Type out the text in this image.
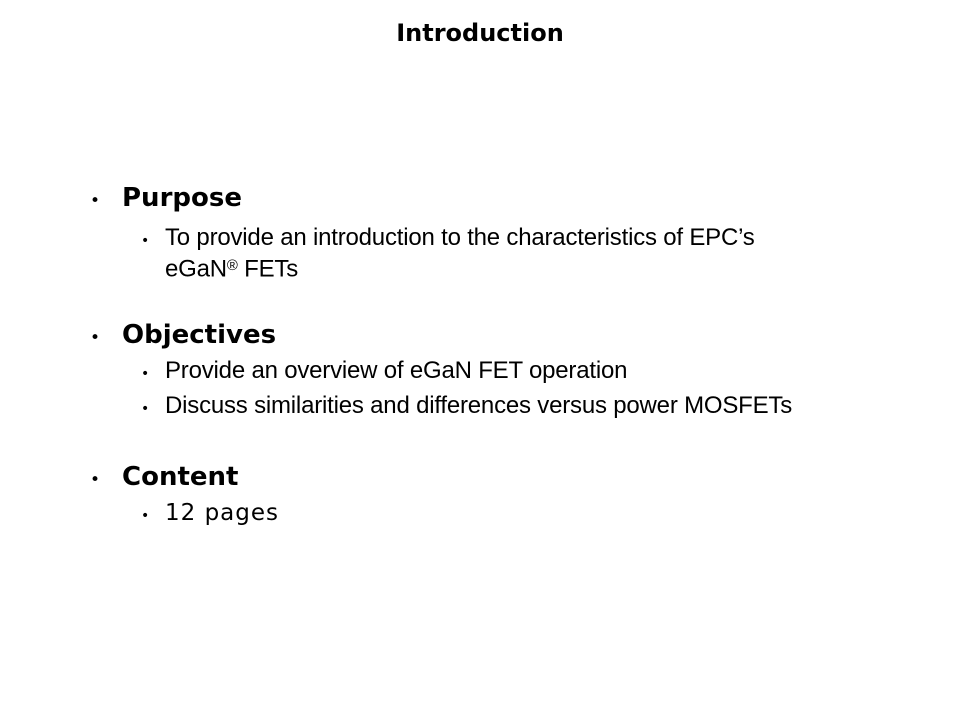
Introduction
• Purpose
• To provide an introduction to the characteristics of EPC’s
eGaN® FETs
• Objectives
• Provide an overview of eGaN FET operation
• Discuss similarities and differences versus power MOSFETs
• Content
• 12 pages
